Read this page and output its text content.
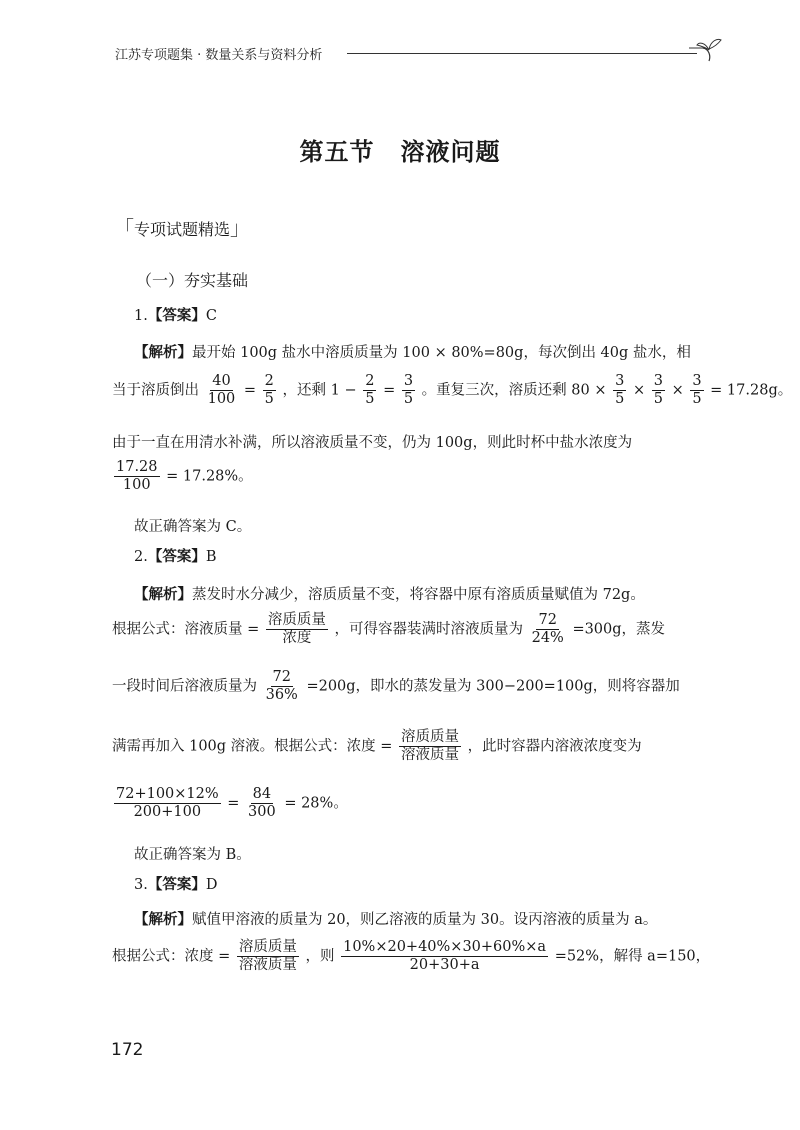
江苏专项题集 · 数量关系与资料分析
第五节 溶液问题
「专项试题精选」
（一）夯实基础
1.【答案】C
【解析】最开始 100g 盐水中溶质质量为 100 × 80%=80g，每次倒出 40g 盐水，相
当于溶质倒出 $\frac{40}{100} = \frac{2}{5}$ ，还剩 $1 - \frac{2}{5} = \frac{3}{5}$ 。重复三次，溶质还剩 $80 \times \frac{3}{5} \times \frac{3}{5} \times \frac{3}{5} = 17.28g$。
由于一直在用清水补满，所以溶液质量不变，仍为 100g，则此时杯中盐水浓度为
$\frac{17.28}{100} = 17.28\%$。
故正确答案为 C。
2.【答案】B
【解析】蒸发时水分减少，溶质质量不变，将容器中原有溶质质量赋值为 72g。
根据公式：溶液质量 = $\frac{\text{溶质质量}}{\text{浓度}}$ ，可得容器装满时溶液质量为 $\frac{72}{24\%} =300g$，蒸发
一段时间后溶液质量为 $\frac{72}{36\%} =200g$，即水的蒸发量为 300−200=100g，则将容器加
满需再加入 100g 溶液。根据公式：浓度 = $\frac{\text{溶质质量}}{\text{溶液质量}}$ ，此时容器内溶液浓度变为
$\frac{72+100\times 12\%}{200+100} = \frac{84}{300} = 28\%$。
故正确答案为 B。
3.【答案】D
【解析】赋值甲溶液的质量为 20，则乙溶液的质量为 30。设丙溶液的质量为 a。
根据公式：浓度 = $\frac{\text{溶质质量}}{\text{溶液质量}}$ ，则 $\frac{10\%\times 20+40\%\times 30+60\%\times a}{20+30+a} =52\%$，解得 a=150，
172
